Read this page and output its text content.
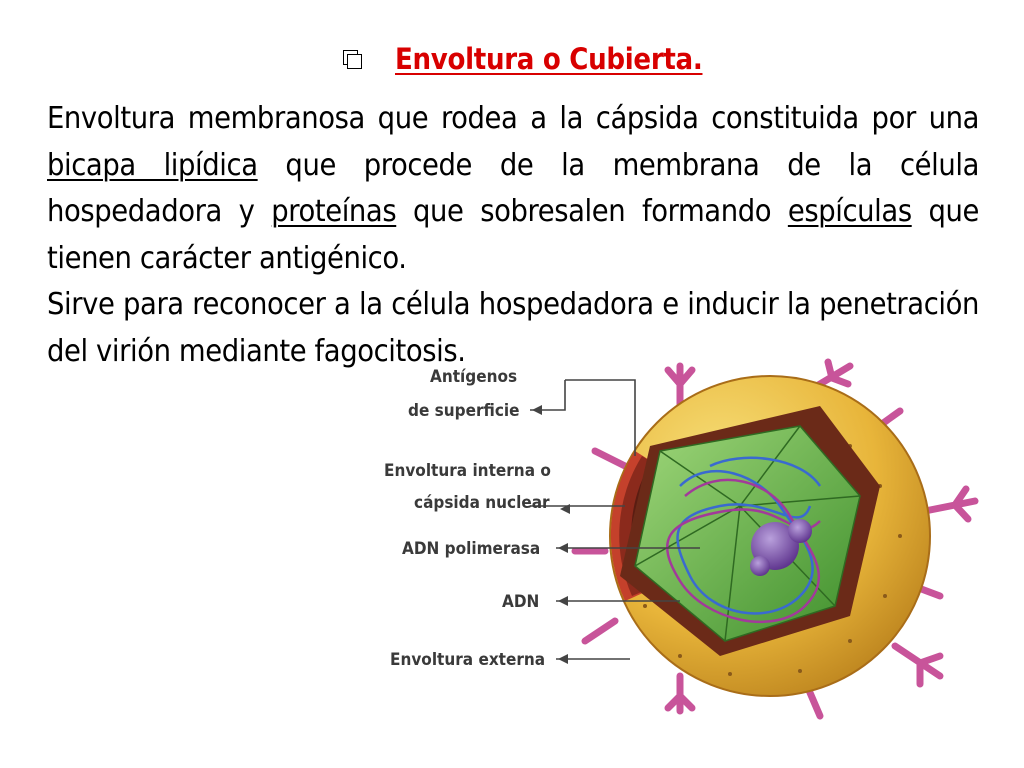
Envoltura o Cubierta.
Envoltura membranosa que rodea a la cápsida constituida por una bicapa lipídica que procede de la membrana de la célula hospedadora y proteínas que sobresalen formando espículas que tienen carácter antigénico.
Sirve para reconocer a la célula hospedadora e inducir la penetración del virión mediante fagocitosis.
Antígenos
de superficie
Envoltura interna o
cápsida nuclear
ADN polimerasa
ADN
Envoltura externa
